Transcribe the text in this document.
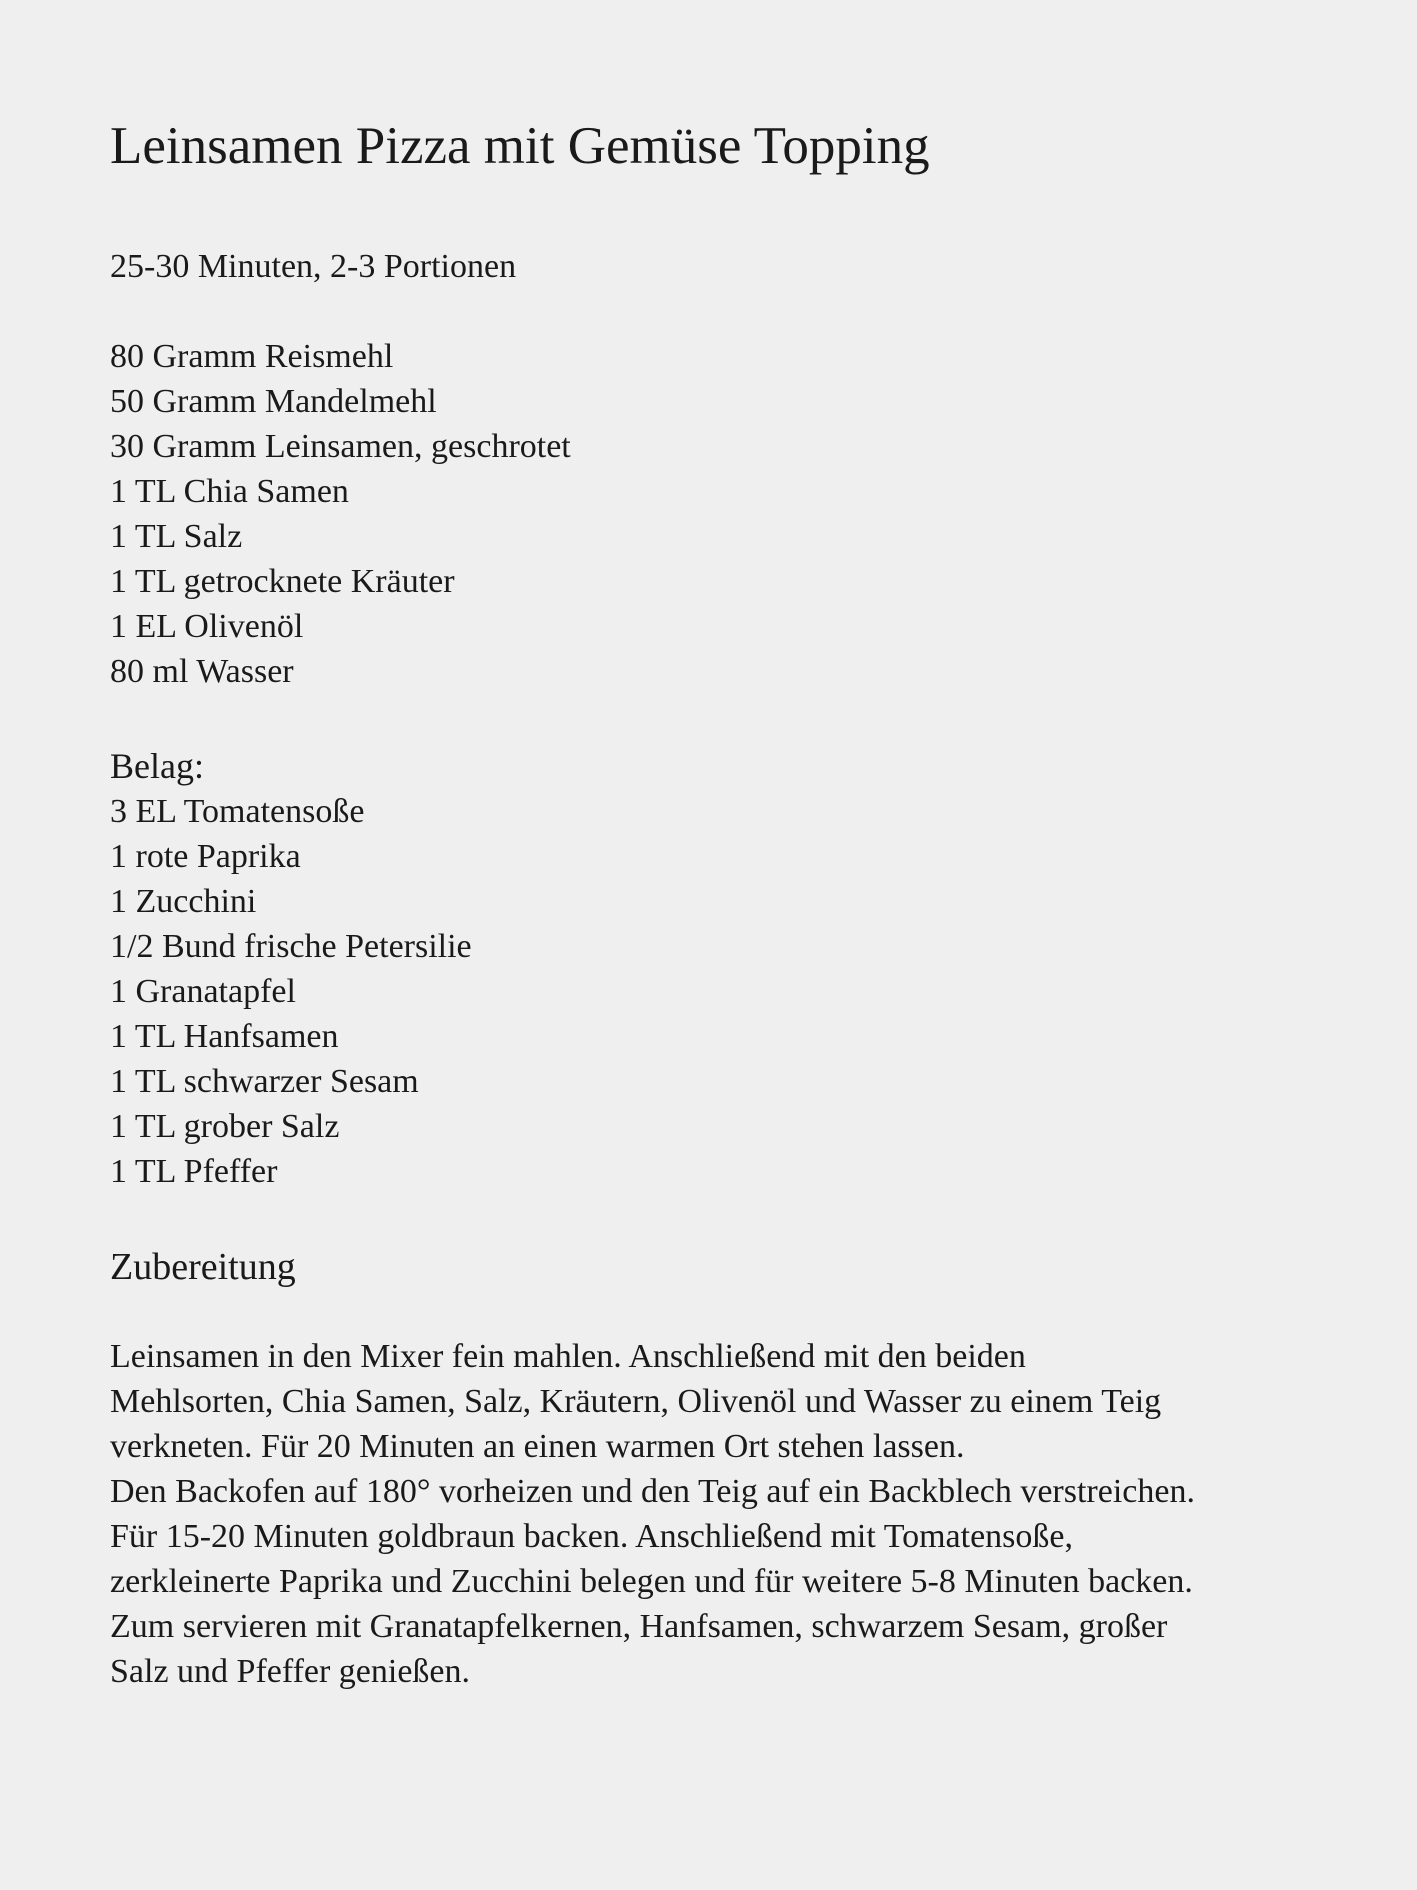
Leinsamen Pizza mit Gemüse Topping
25-30 Minuten, 2-3 Portionen
80 Gramm Reismehl
50 Gramm Mandelmehl
30 Gramm Leinsamen, geschrotet
1 TL Chia Samen
1 TL Salz
1 TL getrocknete Kräuter
1 EL Olivenöl
80 ml Wasser
Belag:
3 EL Tomatensoße
1 rote Paprika
1 Zucchini
1/2 Bund frische Petersilie
1 Granatapfel
1 TL Hanfsamen
1 TL schwarzer Sesam
1 TL grober Salz
1 TL Pfeffer
Zubereitung

Leinsamen in den Mixer fein mahlen. Anschließend mit den beiden

Mehlsorten, Chia Samen, Salz, Kräutern, Olivenöl und Wasser zu einem Teig

verkneten. Für 20 Minuten an einen warmen Ort stehen lassen.

Den Backofen auf 180° vorheizen und den Teig auf ein Backblech verstreichen.

Für 15-20 Minuten goldbraun backen. Anschließend mit Tomatensoße,

zerkleinerte Paprika und Zucchini belegen und für weitere 5-8 Minuten backen.

Zum servieren mit Granatapfelkernen, Hanfsamen, schwarzem Sesam, großer

Salz und Pfeffer genießen.
